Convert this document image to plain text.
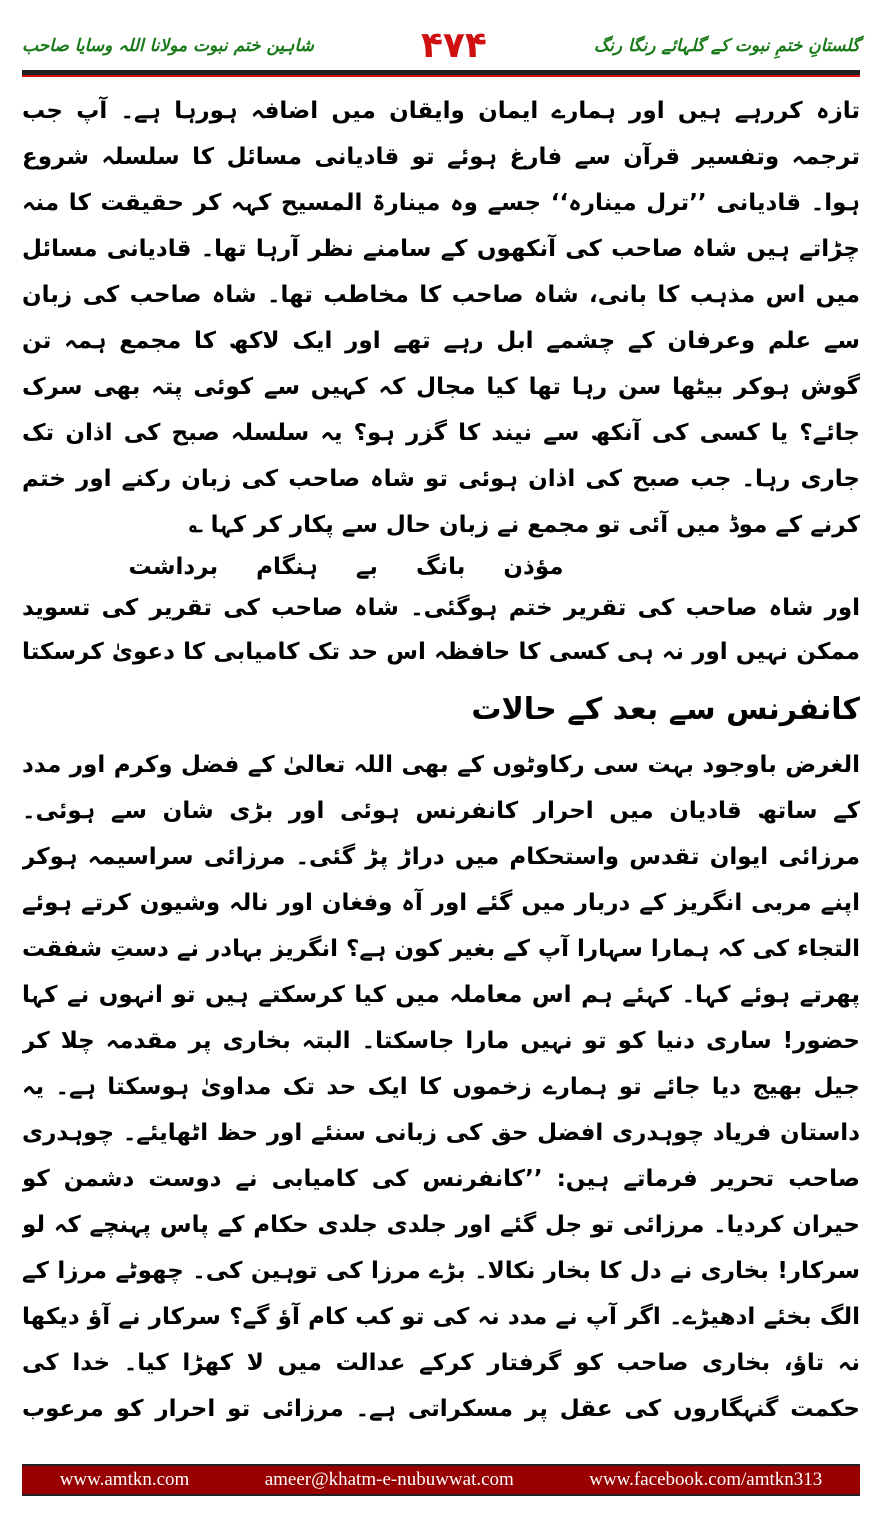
شاہین ختم نبوت مولانا اللہ وسایا صاحب	۴۷۴	گلستانِ ختمِ نبوت کے گلہائے رنگا رنگ

تازہ کررہے ہیں اور ہمارے ایمان وایقان میں اضافہ ہورہا ہے۔ آپ جب ترجمہ وتفسیر قرآن سے فارغ ہوئے تو قادیانی مسائل کا سلسلہ شروع ہوا۔ قادیانی ’’ترل مینارہ‘‘ جسے وہ مینارۃ المسیح کہہ کر حقیقت کا منہ چڑاتے ہیں شاہ صاحب کی آنکھوں کے سامنے نظر آرہا تھا۔ قادیانی مسائل میں اس مذہب کا بانی، شاہ صاحب کا مخاطب تھا۔ شاہ صاحب کی زبان سے علم وعرفان کے چشمے ابل رہے تھے اور ایک لاکھ کا مجمع ہمہ تن گوش ہوکر بیٹھا سن رہا تھا کیا مجال کہ کہیں سے کوئی پتہ بھی سرک جائے؟ یا کسی کی آنکھ سے نیند کا گزر ہو؟ یہ سلسلہ صبح کی اذان تک جاری رہا۔ جب صبح کی اذان ہوئی تو شاہ صاحب کی زبان رکنے اور ختم کرنے کے موڈ میں آئی تو مجمع نے زبان حال سے پکار کر کہا ؎

مؤذن بانگ بے ہنگام برداشت

اور شاہ صاحب کی تقریر ختم ہوگئی۔ شاہ صاحب کی تقریر کی تسوید ممکن نہیں اور نہ ہی کسی کا حافظہ اس حد تک کامیابی کا دعویٰ کرسکتا

کانفرنس سے بعد کے حالات

الغرض باوجود بہت سی رکاوٹوں کے بھی اللہ تعالیٰ کے فضل وکرم اور مدد کے ساتھ قادیان میں احرار کانفرنس ہوئی اور بڑی شان سے ہوئی۔ مرزائی ایوان تقدس واستحکام میں دراڑ پڑ گئی۔ مرزائی سراسیمہ ہوکر اپنے مربی انگریز کے دربار میں گئے اور آہ وفغان اور نالہ وشیون کرتے ہوئے التجاء کی کہ ہمارا سہارا آپ کے بغیر کون ہے؟ انگریز بہادر نے دستِ شفقت پھرتے ہوئے کہا۔ کہئے ہم اس معاملہ میں کیا کرسکتے ہیں تو انہوں نے کہا حضور! ساری دنیا کو تو نہیں مارا جاسکتا۔ البتہ بخاری پر مقدمہ چلا کر جیل بھیج دیا جائے تو ہمارے زخموں کا ایک حد تک مداویٰ ہوسکتا ہے۔ یہ داستان فریاد چوہدری افضل حق کی زبانی سنئے اور حظ اٹھایئے۔ چوہدری صاحب تحریر فرماتے ہیں: ’’کانفرنس کی کامیابی نے دوست دشمن کو حیران کردیا۔ مرزائی تو جل گئے اور جلدی جلدی حکام کے پاس پہنچے کہ لو سرکار! بخاری نے دل کا بخار نکالا۔ بڑے مرزا کی توہین کی۔ چھوٹے مرزا کے الگ بخئے ادھیڑے۔ اگر آپ نے مدد نہ کی تو کب کام آؤ گے؟ سرکار نے آؤ دیکھا نہ تاؤ، بخاری صاحب کو گرفتار کرکے عدالت میں لا کھڑا کیا۔ خدا کی حکمت گنہگاروں کی عقل پر مسکراتی ہے۔ مرزائی تو احرار کو مرعوب

www.amtkn.com	ameer@khatm-e-nubuwwat.com	www.facebook.com/amtkn313
